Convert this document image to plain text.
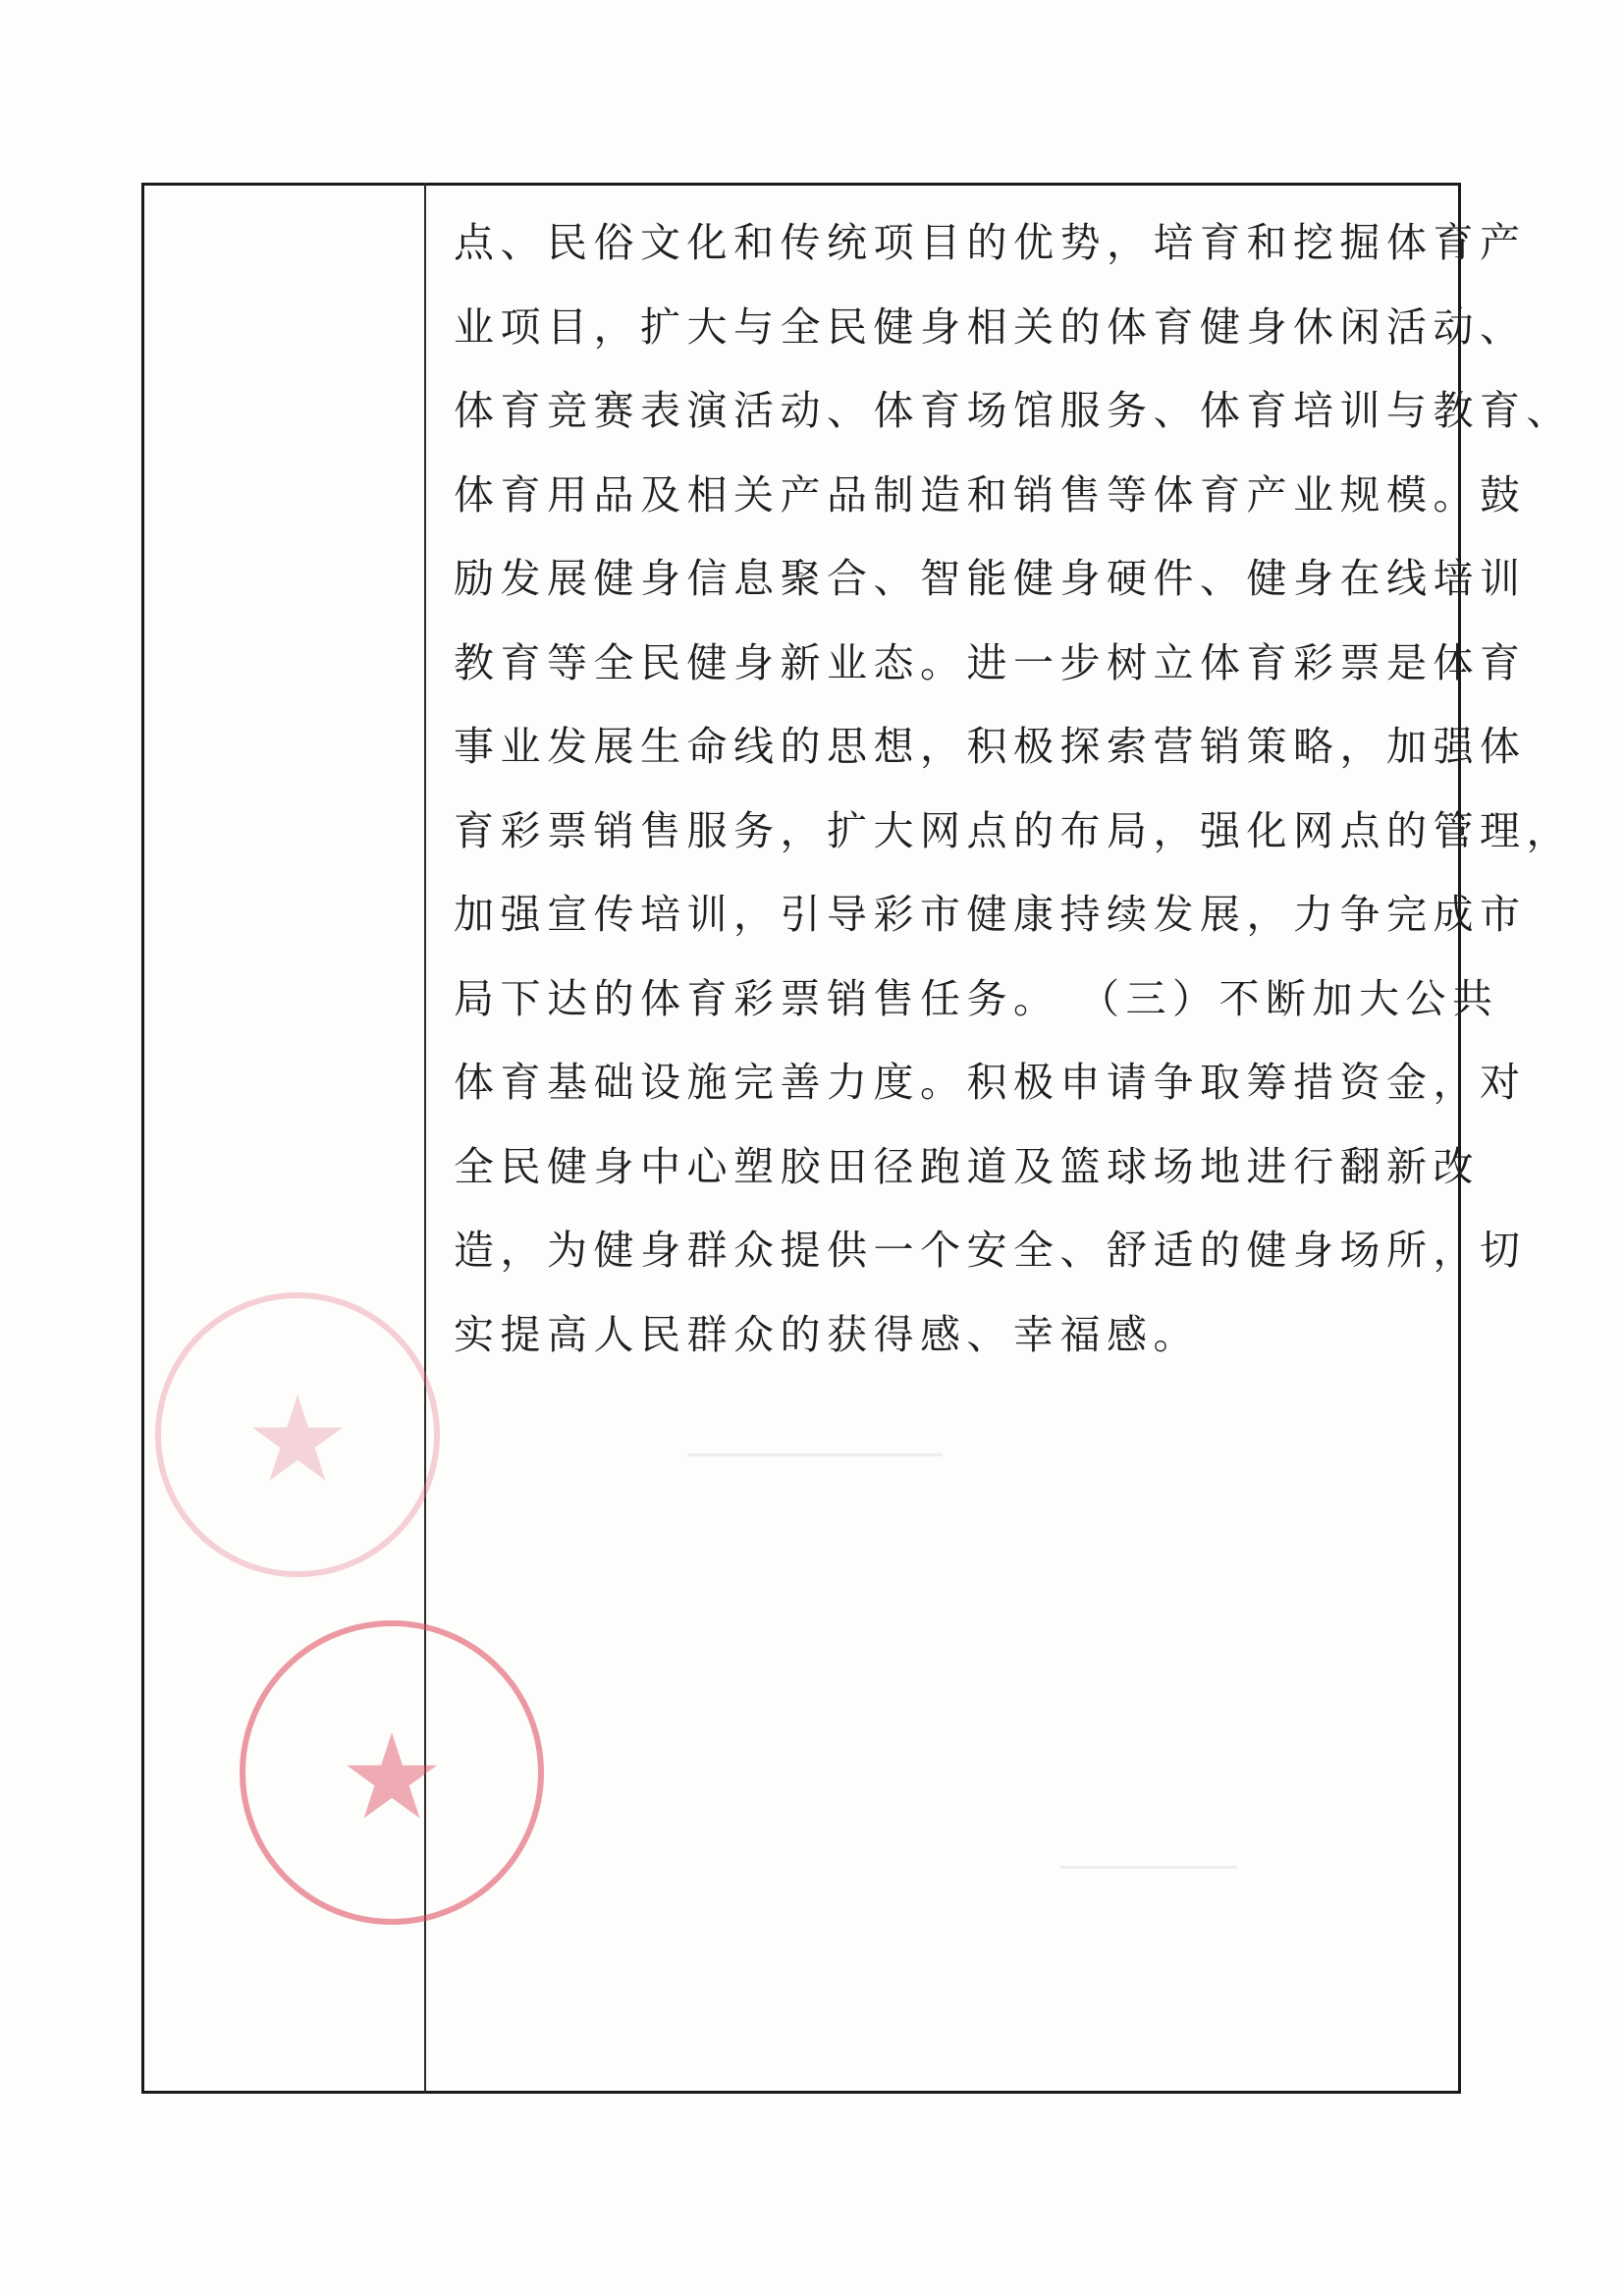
点、民俗文化和传统项目的优势，培育和挖掘体育产
业项目，扩大与全民健身相关的体育健身休闲活动、
体育竞赛表演活动、体育场馆服务、体育培训与教育、
体育用品及相关产品制造和销售等体育产业规模。鼓
励发展健身信息聚合、智能健身硬件、健身在线培训
教育等全民健身新业态。进一步树立体育彩票是体育
事业发展生命线的思想，积极探索营销策略，加强体
育彩票销售服务，扩大网点的布局，强化网点的管理，
加强宣传培训，引导彩市健康持续发展，力争完成市
局下达的体育彩票销售任务。 （三）不断加大公共
体育基础设施完善力度。积极申请争取筹措资金，对
全民健身中心塑胶田径跑道及篮球场地进行翻新改
造，为健身群众提供一个安全、舒适的健身场所，切
实提高人民群众的获得感、幸福感。
★
★
